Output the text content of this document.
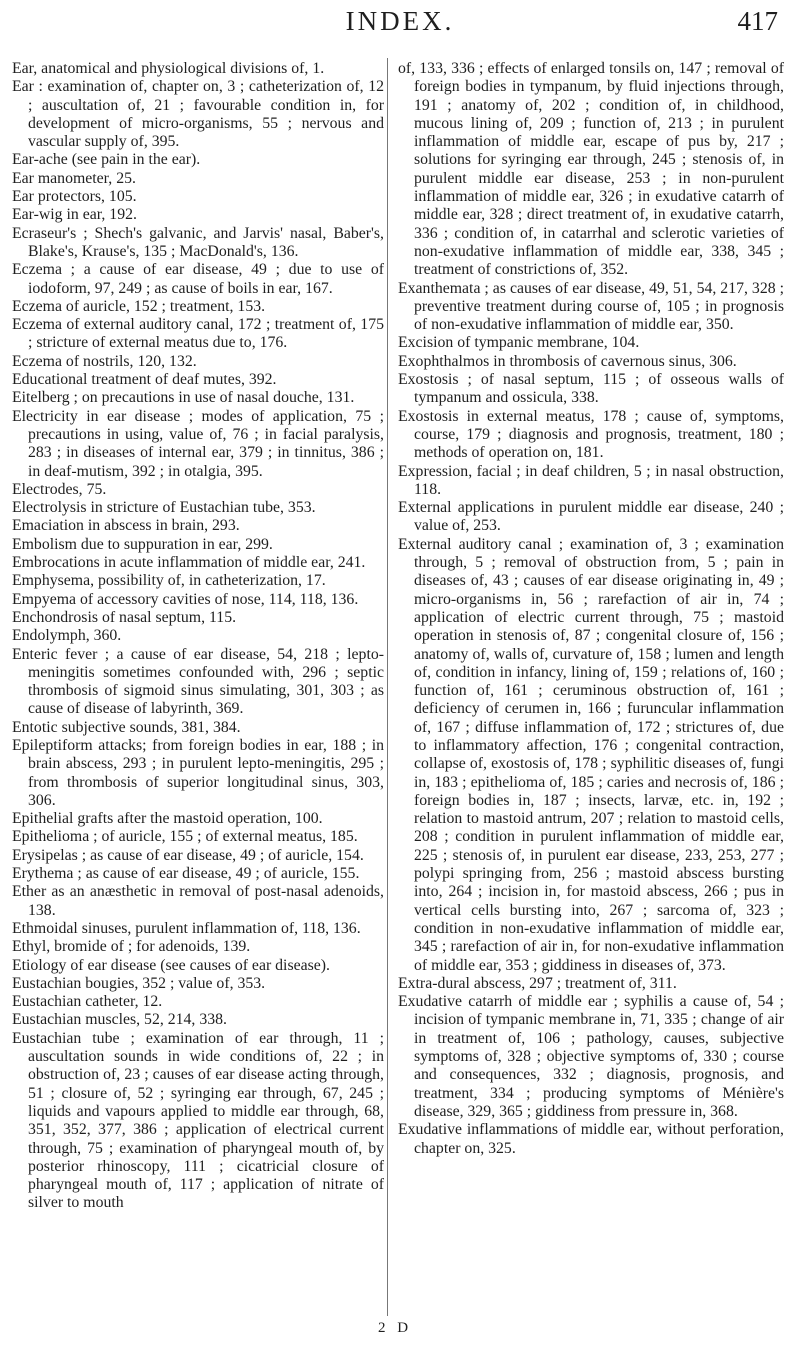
INDEX.	417

Ear, anatomical and physiological divisions of, 1.

Ear : examination of, chapter on, 3 ; catheterization of, 12 ; auscultation of, 21 ; favourable condition in, for development of micro-organisms, 55 ; nervous and vascular supply of, 395.

Ear-ache (see pain in the ear).

Ear manometer, 25.

Ear protectors, 105.

Ear-wig in ear, 192.

Ecraseur's ; Shech's galvanic, and Jarvis' nasal, Baber's, Blake's, Krause's, 135 ; MacDonald's, 136.

Eczema ; a cause of ear disease, 49 ; due to use of iodoform, 97, 249 ; as cause of boils in ear, 167.

Eczema of auricle, 152 ; treatment, 153.

Eczema of external auditory canal, 172 ; treatment of, 175 ; stricture of external meatus due to, 176.

Eczema of nostrils, 120, 132.

Educational treatment of deaf mutes, 392.

Eitelberg ; on precautions in use of nasal douche, 131.

Electricity in ear disease ; modes of application, 75 ; precautions in using, value of, 76 ; in facial paralysis, 283 ; in diseases of internal ear, 379 ; in tinnitus, 386 ; in deaf-mutism, 392 ; in otalgia, 395.

Electrodes, 75.

Electrolysis in stricture of Eustachian tube, 353.

Emaciation in abscess in brain, 293.

Embolism due to suppuration in ear, 299.

Embrocations in acute inflammation of middle ear, 241.

Emphysema, possibility of, in catheterization, 17.

Empyema of accessory cavities of nose, 114, 118, 136.

Enchondrosis of nasal septum, 115.

Endolymph, 360.

Enteric fever ; a cause of ear disease, 54, 218 ; lepto-meningitis sometimes confounded with, 296 ; septic thrombosis of sigmoid sinus simulating, 301, 303 ; as cause of disease of labyrinth, 369.

Entotic subjective sounds, 381, 384.

Epileptiform attacks; from foreign bodies in ear, 188 ; in brain abscess, 293 ; in purulent lepto-meningitis, 295 ; from thrombosis of superior longitudinal sinus, 303, 306.

Epithelial grafts after the mastoid operation, 100.

Epithelioma ; of auricle, 155 ; of external meatus, 185.

Erysipelas ; as cause of ear disease, 49 ; of auricle, 154.

Erythema ; as cause of ear disease, 49 ; of auricle, 155.

Ether as an anæsthetic in removal of post-nasal adenoids, 138.

Ethmoidal sinuses, purulent inflammation of, 118, 136.

Ethyl, bromide of ; for adenoids, 139.

Etiology of ear disease (see causes of ear disease).

Eustachian bougies, 352 ; value of, 353.

Eustachian catheter, 12.

Eustachian muscles, 52, 214, 338.

Eustachian tube ; examination of ear through, 11 ; auscultation sounds in wide conditions of, 22 ; in obstruction of, 23 ; causes of ear disease acting through, 51 ; closure of, 52 ; syringing ear through, 67, 245 ; liquids and vapours applied to middle ear through, 68, 351, 352, 377, 386 ; application of electrical current through, 75 ; examination of pharyngeal mouth of, by posterior rhinoscopy, 111 ; cicatricial closure of pharyngeal mouth of, 117 ; application of nitrate of silver to mouth

of, 133, 336 ; effects of enlarged tonsils on, 147 ; removal of foreign bodies in tympanum, by fluid injections through, 191 ; anatomy of, 202 ; condition of, in childhood, mucous lining of, 209 ; function of, 213 ; in purulent inflammation of middle ear, escape of pus by, 217 ; solutions for syringing ear through, 245 ; stenosis of, in purulent middle ear disease, 253 ; in non-purulent inflammation of middle ear, 326 ; in exudative catarrh of middle ear, 328 ; direct treatment of, in exudative catarrh, 336 ; condition of, in catarrhal and sclerotic varieties of non-exudative inflammation of middle ear, 338, 345 ; treatment of constrictions of, 352.

Exanthemata ; as causes of ear disease, 49, 51, 54, 217, 328 ; preventive treatment during course of, 105 ; in prognosis of non-exudative inflammation of middle ear, 350.

Excision of tympanic membrane, 104.

Exophthalmos in thrombosis of cavernous sinus, 306.

Exostosis ; of nasal septum, 115 ; of osseous walls of tympanum and ossicula, 338.

Exostosis in external meatus, 178 ; cause of, symptoms, course, 179 ; diagnosis and prognosis, treatment, 180 ; methods of operation on, 181.

Expression, facial ; in deaf children, 5 ; in nasal obstruction, 118.

External applications in purulent middle ear disease, 240 ; value of, 253.

External auditory canal ; examination of, 3 ; examination through, 5 ; removal of obstruction from, 5 ; pain in diseases of, 43 ; causes of ear disease originating in, 49 ; micro-organisms in, 56 ; rarefaction of air in, 74 ; application of electric current through, 75 ; mastoid operation in stenosis of, 87 ; congenital closure of, 156 ; anatomy of, walls of, curvature of, 158 ; lumen and length of, condition in infancy, lining of, 159 ; relations of, 160 ; function of, 161 ; ceruminous obstruction of, 161 ; deficiency of cerumen in, 166 ; furuncular inflammation of, 167 ; diffuse inflammation of, 172 ; strictures of, due to inflammatory affection, 176 ; congenital contraction, collapse of, exostosis of, 178 ; syphilitic diseases of, fungi in, 183 ; epithelioma of, 185 ; caries and necrosis of, 186 ; foreign bodies in, 187 ; insects, larvæ, etc. in, 192 ; relation to mastoid antrum, 207 ; relation to mastoid cells, 208 ; condition in purulent inflammation of middle ear, 225 ; stenosis of, in purulent ear disease, 233, 253, 277 ; polypi springing from, 256 ; mastoid abscess bursting into, 264 ; incision in, for mastoid abscess, 266 ; pus in vertical cells bursting into, 267 ; sarcoma of, 323 ; condition in non-exudative inflammation of middle ear, 345 ; rarefaction of air in, for non-exudative inflammation of middle ear, 353 ; giddiness in diseases of, 373.

Extra-dural abscess, 297 ; treatment of, 311.

Exudative catarrh of middle ear ; syphilis a cause of, 54 ; incision of tympanic membrane in, 71, 335 ; change of air in treatment of, 106 ; pathology, causes, subjective symptoms of, 328 ; objective symptoms of, 330 ; course and consequences, 332 ; diagnosis, prognosis, and treatment, 334 ; producing symptoms of Ménière's disease, 329, 365 ; giddiness from pressure in, 368.

Exudative inflammations of middle ear, without perforation, chapter on, 325.

2 D
